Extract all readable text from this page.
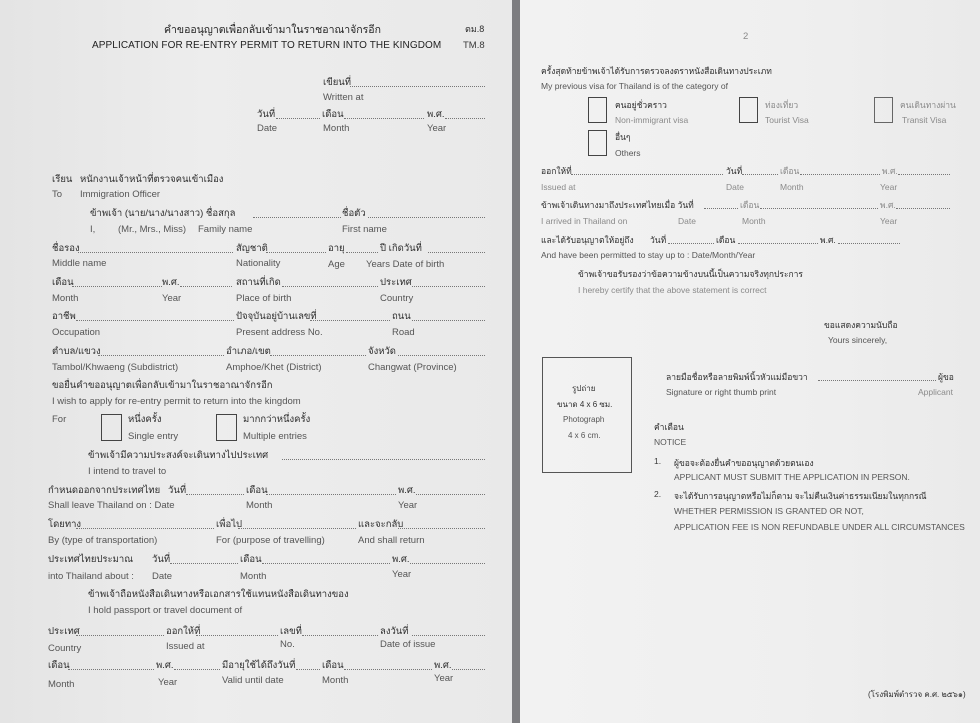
คำขออนุญาตเพื่อกลับเข้ามาในราชอาณาจักรอีก	ตม.8
APPLICATION FOR RE-ENTRY PERMIT TO RETURN INTO THE KINGDOM TM.8
เขียนที่
Written at
วันที่	เดือน	พ.ศ.
Date	Month	Year
เรียน หนักงานเจ้าหน้าที่ตรวจคนเข้าเมือง
To Immigration Officer
ข้าพเจ้า (นาย/นาง/นางสาว) ชื่อสกุล	ชื่อตัว
I, (Mr., Mrs., Miss) Family name	First name
ชื่อรอง	สัญชาติ	อายุ	ปี เกิดวันที่
Middle name	Nationality	Age Years Date of birth
เดือน	พ.ศ.	สถานที่เกิด	ประเทศ
Month	Year	Place of birth	Country
อาชีพ	ปัจจุบันอยู่บ้านเลขที่	ถนน
Occupation	Present address No.	Road
ตำบล/แขวง	อำเภอ/เขต	จังหวัด
Tambol/Khwaeng (Subdistrict)	Amphoe/Khet (District)	Changwat (Province)
ขอยื่นคำขออนุญาตเพื่อกลับเข้ามาในราชอาณาจักรอีก
I wish to apply for re-entry permit to return into the kingdom
For	หนึ่งครั้ง
Single entry
มากกว่าหนึ่งครั้ง
Multiple entries
ข้าพเจ้ามีความประสงค์จะเดินทางไปประเทศ
I intend to travel to
กำหนดออกจากประเทศไทย วันที่	เดือน	พ.ศ.
Shall leave Thailand on : Date	Month	Year
โดยทาง	เพื่อไป	และจะกลับ
By (type of transportation)	For (purpose of travelling)	And shall return
ประเทศไทยประมาณ วันที่	เดือน	พ.ศ.
into Thailand about : Date	Month	Year
ข้าพเจ้าถือหนังสือเดินทางหรือเอกสารใช้แทนหนังสือเดินทางของ
I hold passport or travel document of
ประเทศ	ออกให้ที่	เลขที่	ลงวันที่
Country	Issued at	No.	Date of issue
เดือน	พ.ศ.	มีอายุใช้ได้ถึงวันที่	เดือน	พ.ศ.
Month	Year	Valid until date	Month	Year
2
ครั้งสุดท้ายข้าพเจ้าได้รับการตรวจลงตราหนังสือเดินทางประเภท
My previous visa for Thailand is of the category of
คนอยู่ชั่วคราว
Non-immigrant visa
ท่องเที่ยว
Tourist Visa
คนเดินทางผ่าน
Transit Visa
อื่นๆ
Others
ออกให้ที่	วันที่	เดือน	พ.ศ.
Issued at	Date	Month	Year
ข้าพเจ้าเดินทางมาถึงประเทศไทยเมื่อ วันที่	เดือน	พ.ศ.
I arrived in Thailand on	Date	Month	Year
และได้รับอนุญาตให้อยู่ถึง วันที่	เดือน	พ.ศ.
And have been permitted to stay up to : Date/Month/Year
ข้าพเจ้าขอรับรองว่าข้อความข้างบนนี้เป็นความจริงทุกประการ
I hereby certify that the above statement is correct
ขอแสดงความนับถือ
Yours sincerely,
รูปถ่าย
ขนาด 4 x 6 ซม.
Photograph
4 x 6 cm.
ลายมือชื่อหรือลายพิมพ์นิ้วหัวแม่มือขวา	ผู้ขอ
Signature or right thumb print	Applicant
คำเตือน
NOTICE
1. ผู้ขอจะต้องยื่นคำขออนุญาตด้วยตนเอง
APPLICANT MUST SUBMIT THE APPLICATION IN PERSON.
2. จะได้รับการอนุญาตหรือไม่ก็ตาม จะไม่คืนเงินค่าธรรมเนียมในทุกกรณี
WHETHER PERMISSION IS GRANTED OR NOT,
APPLICATION FEE IS NON REFUNDABLE UNDER ALL CIRCUMSTANCES
(โรงพิมพ์ตำรวจ ค.ศ. ๒๕๖๑)
